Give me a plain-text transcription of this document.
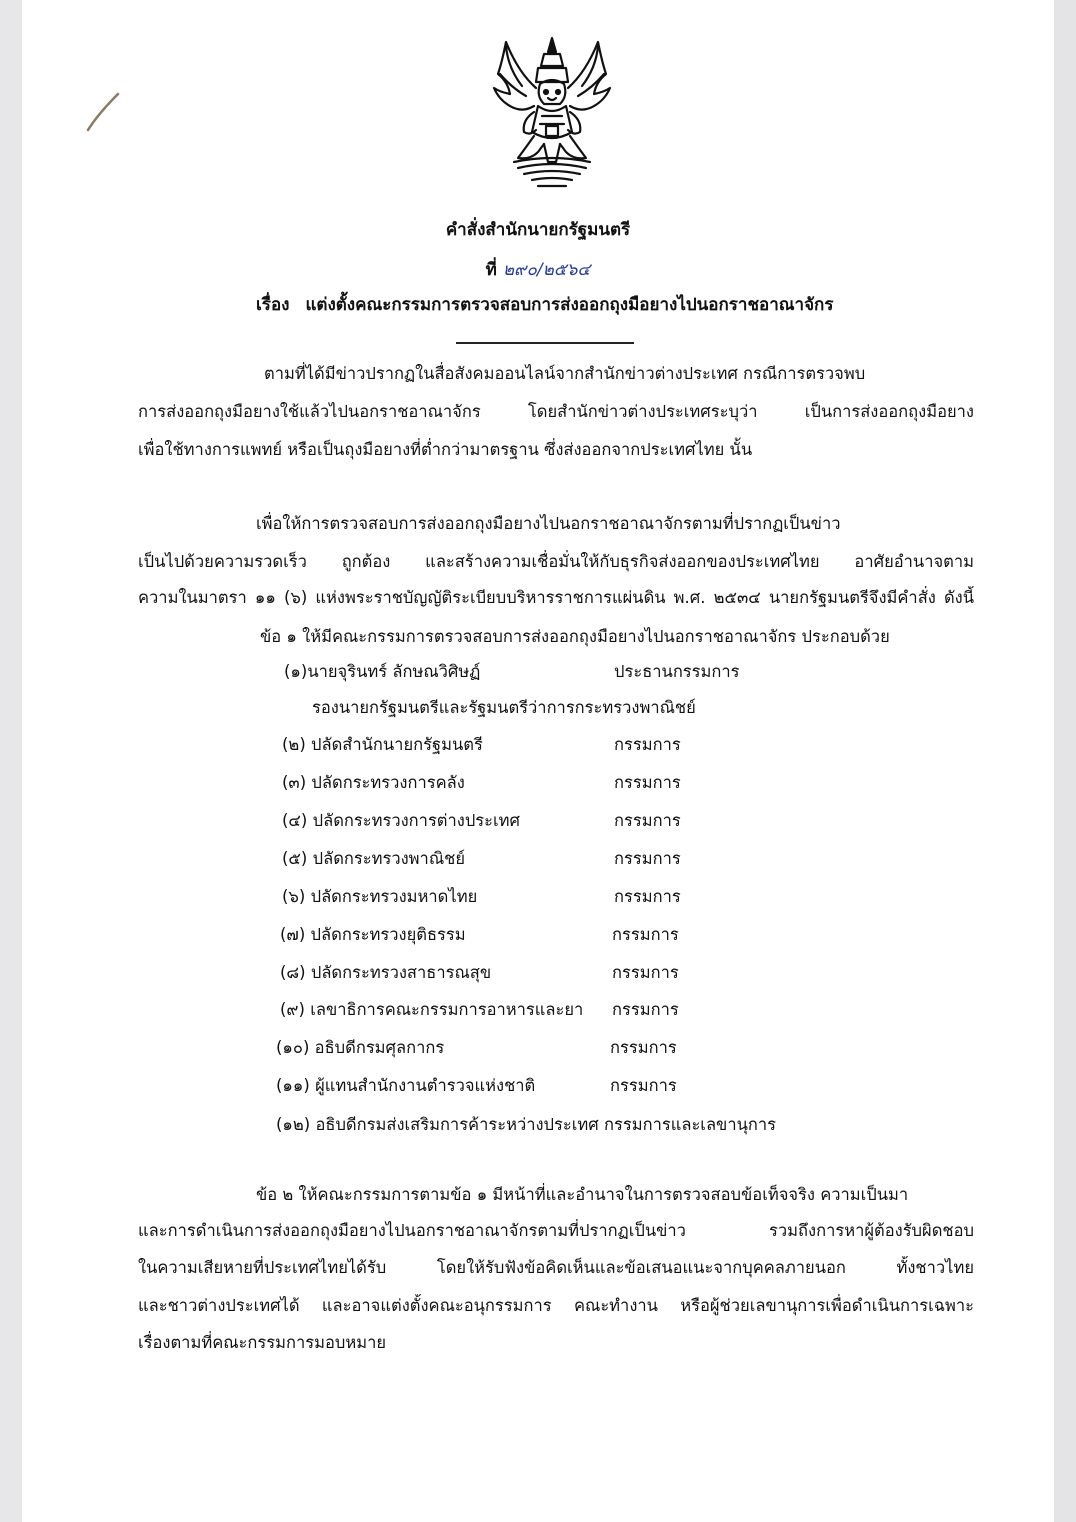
คำสั่งสำนักนายกรัฐมนตรี
ที่ ๒๙๐/๒๕๖๔
เรื่อง แต่งตั้งคณะกรรมการตรวจสอบการส่งออกถุงมือยางไปนอกราชอาณาจักร
ตามที่ได้มีข่าวปรากฏในสื่อสังคมออนไลน์จากสำนักข่าวต่างประเทศ กรณีการตรวจพบ
การส่งออกถุงมือยางใช้แล้วไปนอกราชอาณาจักร โดยสำนักข่าวต่างประเทศระบุว่า เป็นการส่งออกถุงมือยาง
เพื่อใช้ทางการแพทย์ หรือเป็นถุงมือยางที่ต่ำกว่ามาตรฐาน ซึ่งส่งออกจากประเทศไทย นั้น
เพื่อให้การตรวจสอบการส่งออกถุงมือยางไปนอกราชอาณาจักรตามที่ปรากฏเป็นข่าว
เป็นไปด้วยความรวดเร็ว ถูกต้อง และสร้างความเชื่อมั่นให้กับธุรกิจส่งออกของประเทศไทย อาศัยอำนาจตาม
ความในมาตรา ๑๑ (๖) แห่งพระราชบัญญัติระเบียบบริหารราชการแผ่นดิน พ.ศ. ๒๕๓๔ นายกรัฐมนตรีจึงมีคำสั่ง ดังนี้
ข้อ ๑ ให้มีคณะกรรมการตรวจสอบการส่งออกถุงมือยางไปนอกราชอาณาจักร ประกอบด้วย
(๑)นายจุรินทร์ ลักษณวิศิษฏ์	ประธานกรรมการ
รองนายกรัฐมนตรีและรัฐมนตรีว่าการกระทรวงพาณิชย์
(๒) ปลัดสำนักนายกรัฐมนตรี	กรรมการ
(๓) ปลัดกระทรวงการคลัง	กรรมการ
(๔) ปลัดกระทรวงการต่างประเทศ	กรรมการ
(๕) ปลัดกระทรวงพาณิชย์	กรรมการ
(๖) ปลัดกระทรวงมหาดไทย	กรรมการ
(๗) ปลัดกระทรวงยุติธรรม	กรรมการ
(๘) ปลัดกระทรวงสาธารณสุข	กรรมการ
(๙) เลขาธิการคณะกรรมการอาหารและยา กรรมการ
(๑๐) อธิบดีกรมศุลกากร	กรรมการ
(๑๑) ผู้แทนสำนักงานตำรวจแห่งชาติ	กรรมการ
(๑๒) อธิบดีกรมส่งเสริมการค้าระหว่างประเทศ กรรมการและเลขานุการ
ข้อ ๒ ให้คณะกรรมการตามข้อ ๑ มีหน้าที่และอำนาจในการตรวจสอบข้อเท็จจริง ความเป็นมา
และการดำเนินการส่งออกถุงมือยางไปนอกราชอาณาจักรตามที่ปรากฏเป็นข่าว รวมถึงการหาผู้ต้องรับผิดชอบ
ในความเสียหายที่ประเทศไทยได้รับ โดยให้รับฟังข้อคิดเห็นและข้อเสนอแนะจากบุคคลภายนอก ทั้งชาวไทย
และชาวต่างประเทศได้ และอาจแต่งตั้งคณะอนุกรรมการ คณะทำงาน หรือผู้ช่วยเลขานุการเพื่อดำเนินการเฉพาะ
เรื่องตามที่คณะกรรมการมอบหมาย
